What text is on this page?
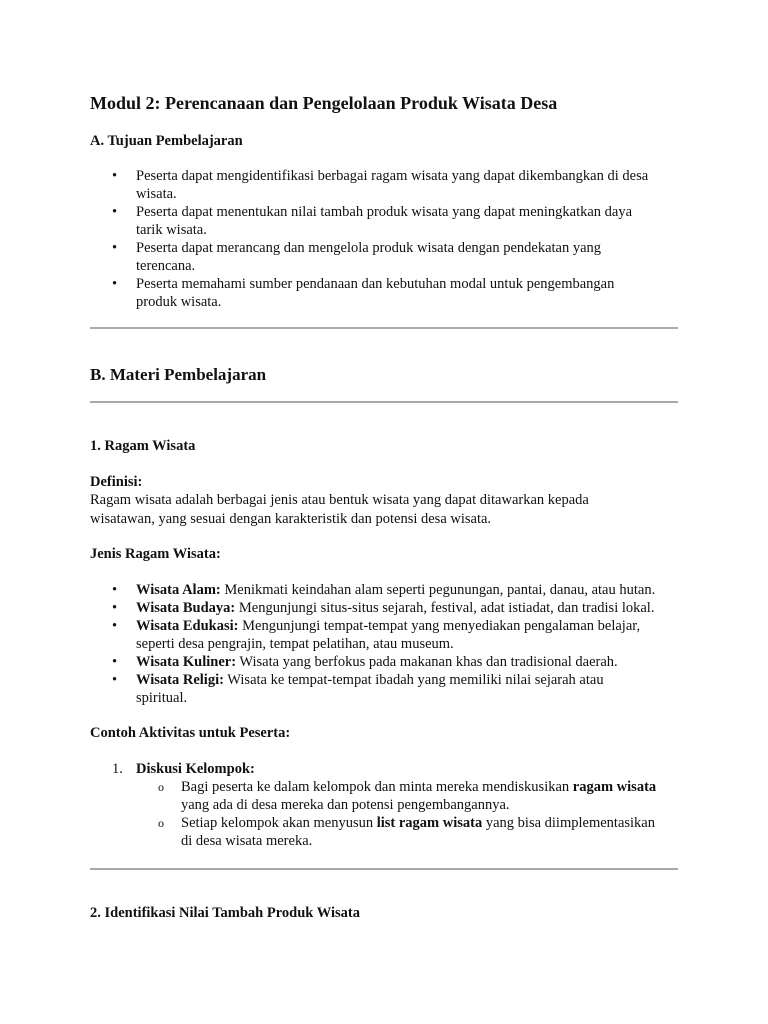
Modul 2: Perencanaan dan Pengelolaan Produk Wisata Desa
A. Tujuan Pembelajaran
• Peserta dapat mengidentifikasi berbagai ragam wisata yang dapat dikembangkan di desa
wisata.
• Peserta dapat menentukan nilai tambah produk wisata yang dapat meningkatkan daya
tarik wisata.
• Peserta dapat merancang dan mengelola produk wisata dengan pendekatan yang
terencana.
• Peserta memahami sumber pendanaan dan kebutuhan modal untuk pengembangan
produk wisata.
B. Materi Pembelajaran
1. Ragam Wisata
Definisi:
Ragam wisata adalah berbagai jenis atau bentuk wisata yang dapat ditawarkan kepada
wisatawan, yang sesuai dengan karakteristik dan potensi desa wisata.
Jenis Ragam Wisata:
• Wisata Alam: Menikmati keindahan alam seperti pegunungan, pantai, danau, atau hutan.
• Wisata Budaya: Mengunjungi situs-situs sejarah, festival, adat istiadat, dan tradisi lokal.
• Wisata Edukasi: Mengunjungi tempat-tempat yang menyediakan pengalaman belajar,
seperti desa pengrajin, tempat pelatihan, atau museum.
• Wisata Kuliner: Wisata yang berfokus pada makanan khas dan tradisional daerah.
• Wisata Religi: Wisata ke tempat-tempat ibadah yang memiliki nilai sejarah atau
spiritual.
Contoh Aktivitas untuk Peserta:
1. Diskusi Kelompok:
o Bagi peserta ke dalam kelompok dan minta mereka mendiskusikan ragam wisata
yang ada di desa mereka dan potensi pengembangannya.
o Setiap kelompok akan menyusun list ragam wisata yang bisa diimplementasikan
di desa wisata mereka.
2. Identifikasi Nilai Tambah Produk Wisata
